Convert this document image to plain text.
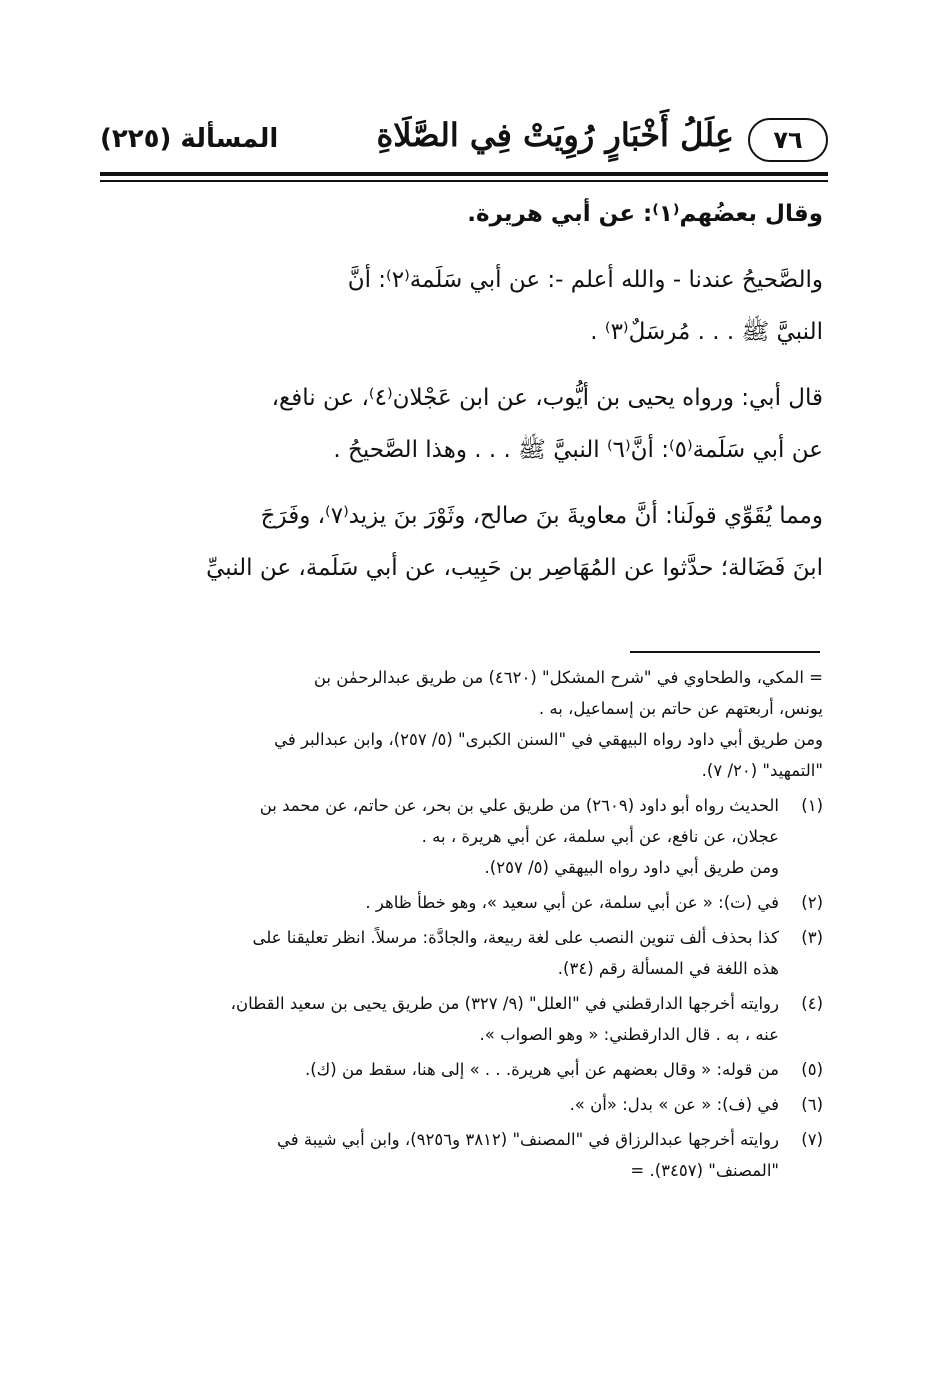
٧٦
عِلَلُ أَخْبَارٍ رُوِيَتْ فِي الصَّلَاةِ
المسألة (٢٢٥)
وقال بعضُهم⁽١⁾: عن أبي هريرة.
والصَّحيحُ عندنا - والله أعلم -: عن أبي سَلَمة⁽٢⁾: أنَّ
النبيَّ ﷺ . . . مُرسَلٌ⁽٣⁾ .
قال أبي: ورواه يحيى بن أيُّوب، عن ابن عَجْلان⁽٤⁾، عن نافع،
عن أبي سَلَمة⁽٥⁾: أنَّ⁽٦⁾ النبيَّ ﷺ . . . وهذا الصَّحيحُ .
ومما يُقَوِّي قولَنا: أنَّ معاويةَ بنَ صالح، وثَوْرَ بنَ يزيد⁽٧⁾، وفَرَجَ
ابنَ فَضَالة؛ حدَّثوا عن المُهَاصِر بن حَبِيب، عن أبي سَلَمة، عن النبيِّ
= المكي، والطحاوي في "شرح المشكل" (٤٦٢٠) من طريق عبدالرحمٰن بن
يونس، أربعتهم عن حاتم بن إسماعيل، به .
ومن طريق أبي داود رواه البيهقي في "السنن الكبرى" (٥/ ٢٥٧)، وابن عبدالبر في
"التمهيد" (٢٠/ ٧).
(١)
الحديث رواه أبو داود (٢٦٠٩) من طريق علي بن بحر، عن حاتم، عن محمد بن
عجلان، عن نافع، عن أبي سلمة، عن أبي هريرة ، به .
ومن طريق أبي داود رواه البيهقي (٥/ ٢٥٧).
(٢)
في (ت): « عن أبي سلمة، عن أبي سعيد »، وهو خطأ ظاهر .
(٣)
كذا بحذف ألف تنوين النصب على لغة ربيعة، والجادَّة: مرسلاً. انظر تعليقنا على
هذه اللغة في المسألة رقم (٣٤).
(٤)
روايته أخرجها الدارقطني في "العلل" (٩/ ٣٢٧) من طريق يحيى بن سعيد القطان،
عنه ، به . قال الدارقطني: « وهو الصواب ».
(٥)
من قوله: « وقال بعضهم عن أبي هريرة. . . » إلى هنا، سقط من (ك).
(٦)
في (ف): « عن » بدل: «أن ».
(٧)
روايته أخرجها عبدالرزاق في "المصنف" (٣٨١٢ و٩٢٥٦)، وابن أبي شيبة في
"المصنف" (٣٤٥٧). =
